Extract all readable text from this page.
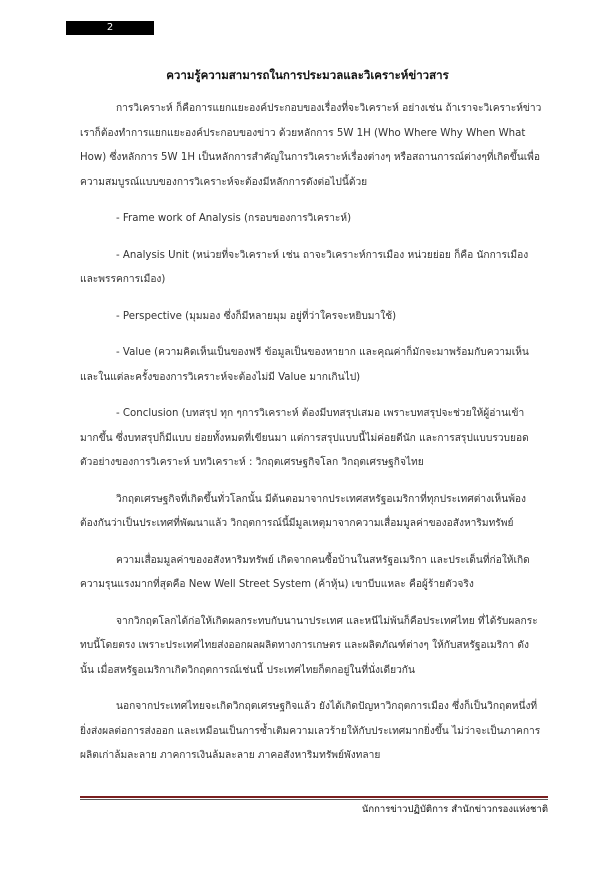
2
ความรู้ความสามารถในการประมวลและวิเคราะห์ข่าวสาร

การวิเคราะห์ ก็คือการแยกแยะองค์ประกอบของเรื่องที่จะวิเคราะห์ อย่างเช่น ถ้าเราจะวิเคราะห์ข่าวเราก็ต้องทำการแยกแยะองค์ประกอบของข่าว ด้วยหลักการ 5W 1H (Who Where Why When What How) ซึ่งหลักการ 5W 1H เป็นหลักการสำคัญในการวิเคราะห์เรื่องต่างๆ หรือสถานการณ์ต่างๆที่เกิดขึ้นเพื่อความสมบูรณ์แบบของการวิเคราะห์จะต้องมีหลักการดังต่อไปนี้ด้วย

- Frame work of Analysis (กรอบของการวิเคราะห์)

- Analysis Unit (หน่วยที่จะวิเคราะห์ เช่น ถาจะวิเคราะห์การเมือง หน่วยย่อย ก็คือ นักการเมืองและพรรคการเมือง)

- Perspective (มุมมอง ซึ่งก็มีหลายมุม อยู่ที่ว่าใครจะหยิบมาใช้)

- Value (ความคิดเห็นเป็นของฟรี ข้อมูลเป็นของหายาก และคุณค่าก็มักจะมาพร้อมกับความเห็นและในแต่ละครั้งของการวิเคราะห์จะต้องไม่มี Value มากเกินไป)

- Conclusion (บทสรุป ทุก ๆการวิเคราะห์ ต้องมีบทสรุปเสมอ เพราะบทสรุปจะช่วยให้ผู้อ่านเข้ามากขึ้น ซึ่งบทสรุปก็มีแบบ ย่อยทั้งหมดที่เขียนมา แต่การสรุปแบบนี้ไม่ค่อยดีนัก และการสรุปแบบรวบยอด ตัวอย่างของการวิเคราะห์ บทวิเคราะห์ : วิกฤตเศรษฐกิจโลก วิกฤตเศรษฐกิจไทย

วิกฤตเศรษฐกิจที่เกิดขึ้นทั่วโลกนั้น มีต้นตอมาจากประเทศสหรัฐอเมริกาที่ทุกประเทศต่างเห็นพ้องต้องกันว่าเป็นประเทศที่พัฒนาแล้ว วิกฤตการณ์นี้มีมูลเหตุมาจากความเสื่อมมูลค่าของอสังหาริมทรัพย์

ความเสื่อมมูลค่าของอสังหาริมทรัพย์ เกิดจากคนซื้อบ้านในสหรัฐอเมริกา และประเด็นที่ก่อให้เกิดความรุนแรงมากที่สุดคือ New Well Street System (ค้าหุ้น) เขาบีบแหละ คือผู้ร้ายตัวจริง

จากวิกฤตโลกได้ก่อให้เกิดผลกระทบกับนานาประเทศ และหนีไม่พ้นก็คือประเทศไทย ที่ได้รับผลกระทบนี้โดยตรง เพราะประเทศไทยส่งออกผลผลิตทางการเกษตร และผลิตภัณฑ์ต่างๆ ให้กับสหรัฐอเมริกา ดังนั้น เมื่อสหรัฐอเมริกาเกิดวิกฤตการณ์เช่นนี้ ประเทศไทยก็ตกอยู่ในที่นั่งเดียวกัน

นอกจากประเทศไทยจะเกิดวิกฤตเศรษฐกิจแล้ว ยังได้เกิดปัญหาวิกฤตการเมือง ซึ่งก็เป็นวิกฤตหนึ่งที่ยิ่งส่งผลต่อการส่งออก และเหมือนเป็นการซ้ำเติมความเลวร้ายให้กับประเทศมากยิ่งขึ้น ไม่ว่าจะเป็นภาคการผลิตเก่าล้มละลาย ภาคการเงินล้มละลาย ภาคอสังหาริมทรัพย์พังทลาย

นักการข่าวปฏิบัติการ สำนักข่าวกรองแห่งชาติ
